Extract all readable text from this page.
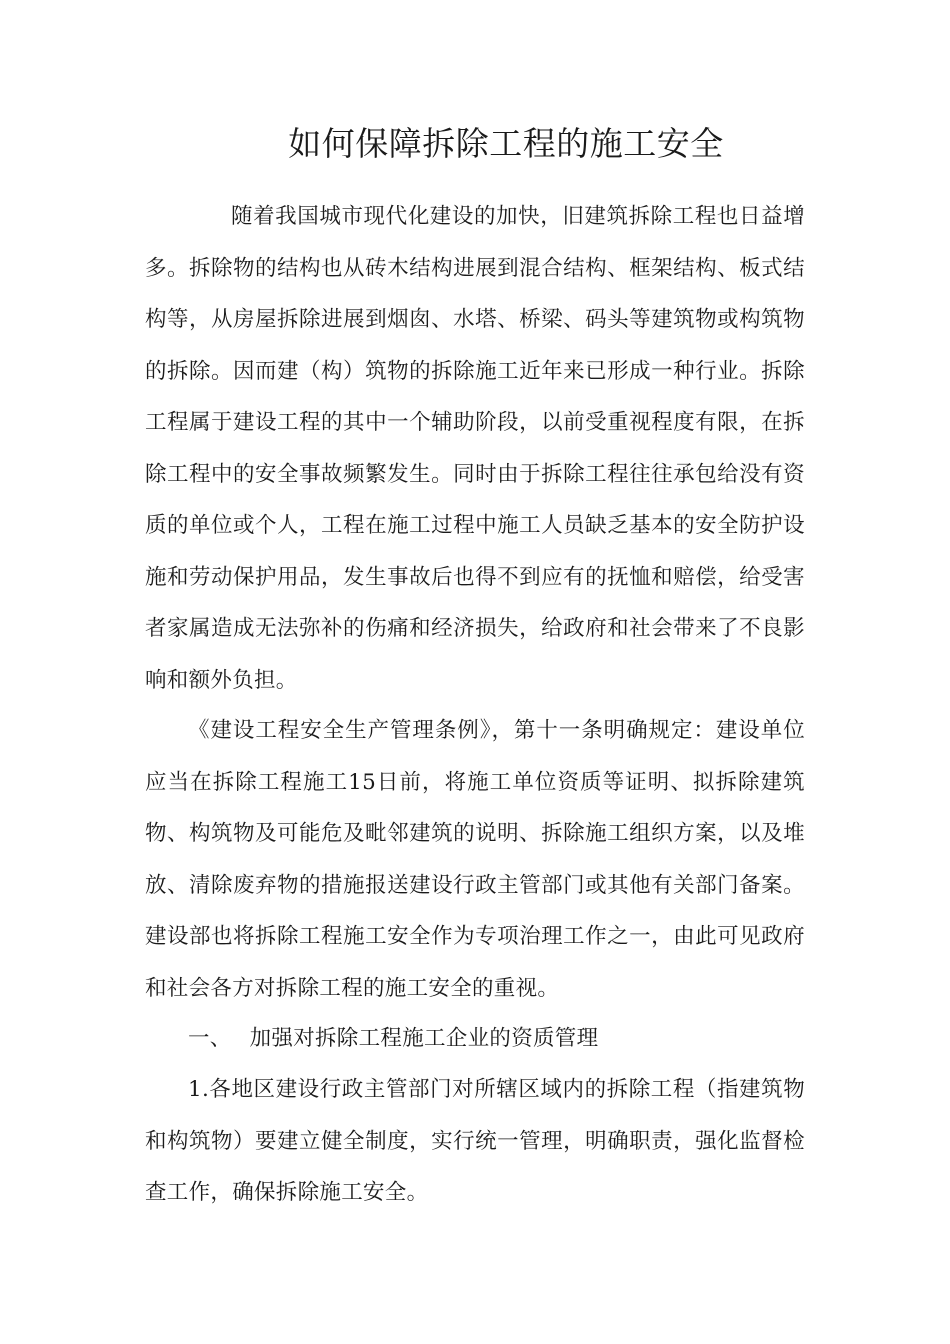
如何保障拆除工程的施工安全

随着我国城市现代化建设的加快，旧建筑拆除工程也日益增多。拆除物的结构也从砖木结构进展到混合结构、框架结构、板式结构等，从房屋拆除进展到烟囱、水塔、桥梁、码头等建筑物或构筑物的拆除。因而建（构）筑物的拆除施工近年来已形成一种行业。拆除工程属于建设工程的其中一个辅助阶段，以前受重视程度有限，在拆除工程中的安全事故频繁发生。同时由于拆除工程往往承包给没有资质的单位或个人，工程在施工过程中施工人员缺乏基本的安全防护设施和劳动保护用品，发生事故后也得不到应有的抚恤和赔偿，给受害者家属造成无法弥补的伤痛和经济损失，给政府和社会带来了不良影响和额外负担。

《建设工程安全生产管理条例》，第十一条明确规定：建设单位应当在拆除工程施工15日前，将施工单位资质等证明、拟拆除建筑物、构筑物及可能危及毗邻建筑的说明、拆除施工组织方案，以及堆放、清除废弃物的措施报送建设行政主管部门或其他有关部门备案。建设部也将拆除工程施工安全作为专项治理工作之一，由此可见政府和社会各方对拆除工程的施工安全的重视。

一、 加强对拆除工程施工企业的资质管理

1.各地区建设行政主管部门对所辖区域内的拆除工程（指建筑物和构筑物）要建立健全制度，实行统一管理，明确职责，强化监督检查工作，确保拆除施工安全。
